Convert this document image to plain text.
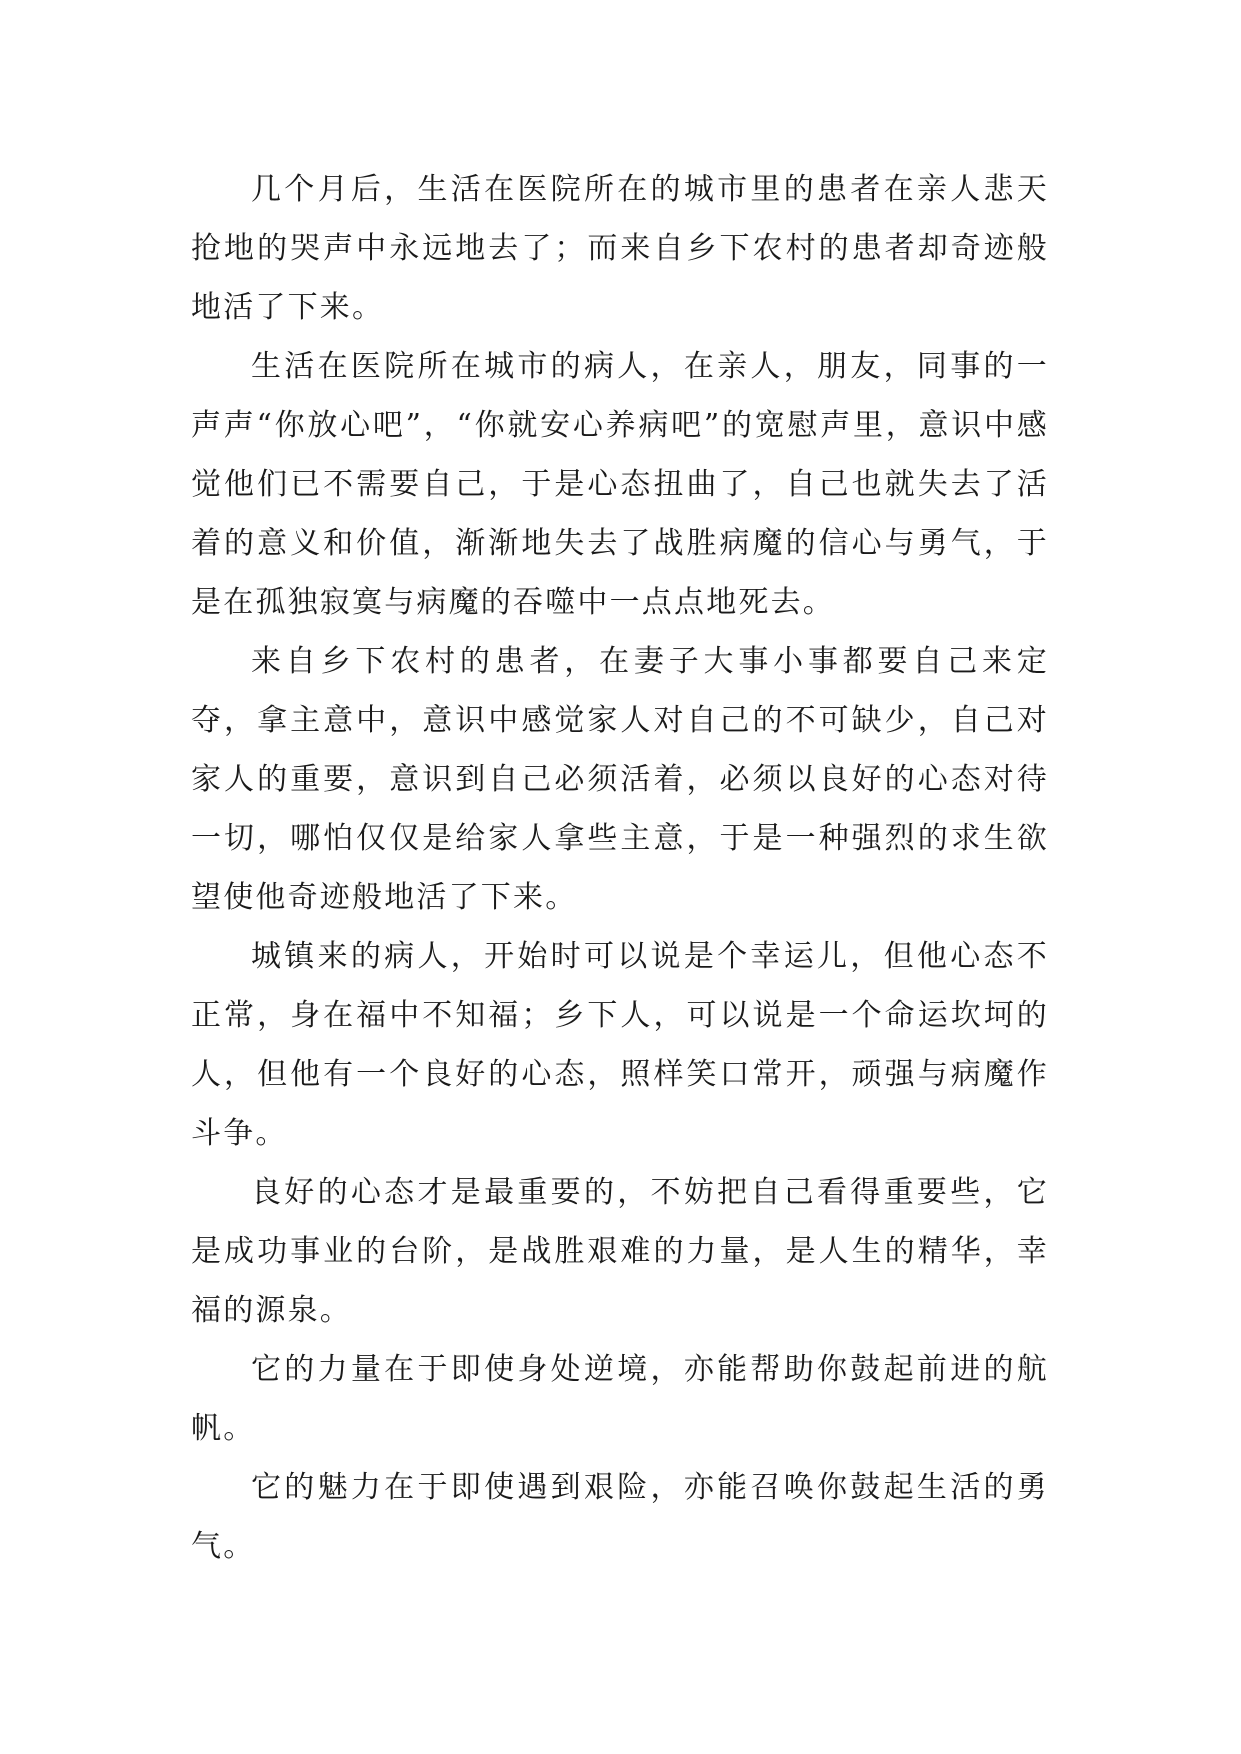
几个月后，生活在医院所在的城市里的患者在亲人悲天抢地的哭声中永远地去了；而来自乡下农村的患者却奇迹般地活了下来。

生活在医院所在城市的病人，在亲人，朋友，同事的一声声“你放心吧”，“你就安心养病吧”的宽慰声里，意识中感觉他们已不需要自己，于是心态扭曲了，自己也就失去了活着的意义和价值，渐渐地失去了战胜病魔的信心与勇气，于是在孤独寂寞与病魔的吞噬中一点点地死去。

来自乡下农村的患者，在妻子大事小事都要自己来定夺，拿主意中，意识中感觉家人对自己的不可缺少，自己对家人的重要，意识到自己必须活着，必须以良好的心态对待一切，哪怕仅仅是给家人拿些主意，于是一种强烈的求生欲望使他奇迹般地活了下来。

城镇来的病人，开始时可以说是个幸运儿，但他心态不正常，身在福中不知福；乡下人，可以说是一个命运坎坷的人，但他有一个良好的心态，照样笑口常开，顽强与病魔作斗争。

良好的心态才是最重要的，不妨把自己看得重要些，它是成功事业的台阶，是战胜艰难的力量，是人生的精华，幸福的源泉。

它的力量在于即使身处逆境，亦能帮助你鼓起前进的航帆。

它的魅力在于即使遇到艰险，亦能召唤你鼓起生活的勇气。
